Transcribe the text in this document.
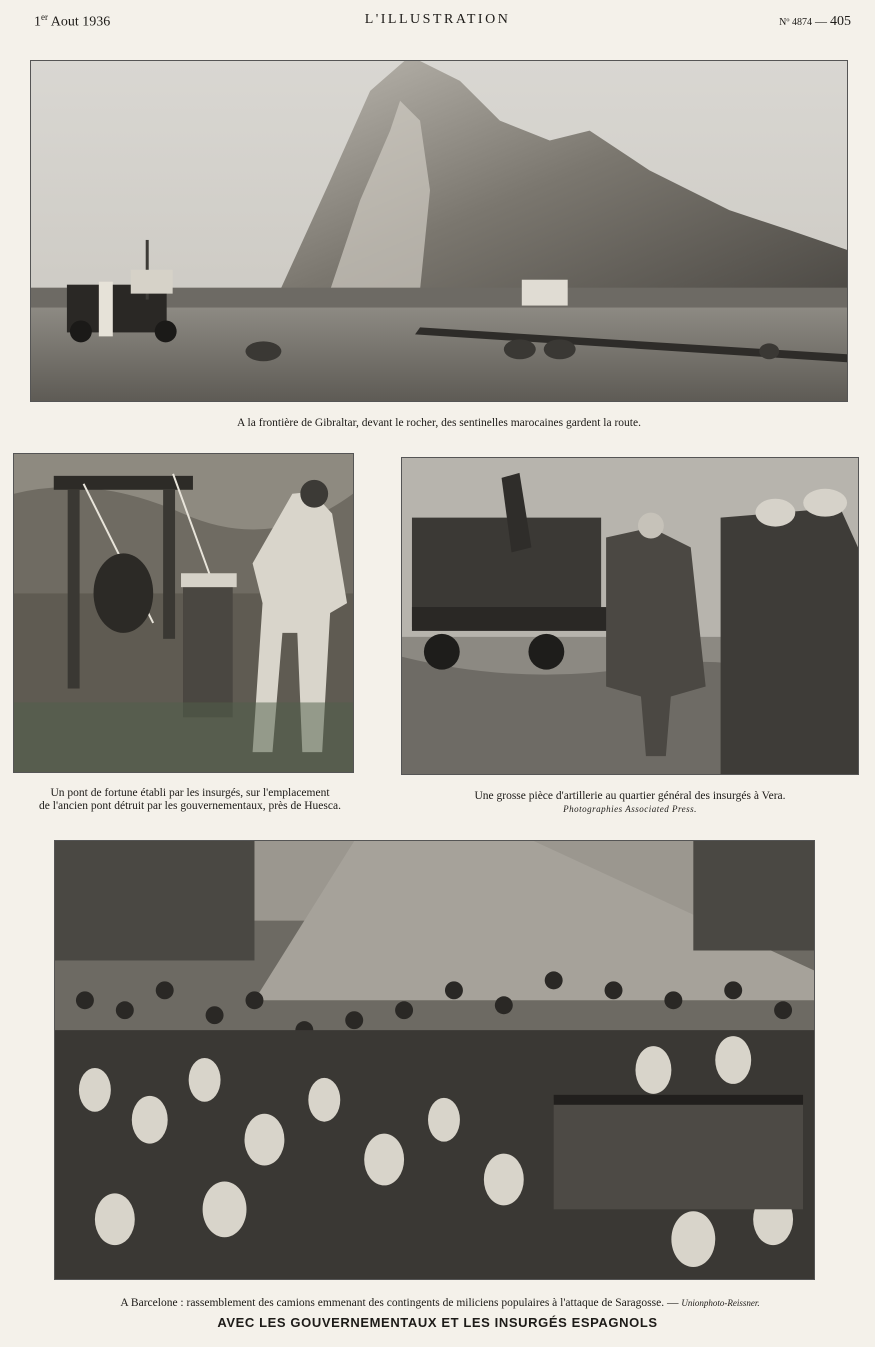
1er Aout 1936	L'ILLUSTRATION	Nº 4874 — 405
A la frontière de Gibraltar, devant le rocher, des sentinelles marocaines gardent la route.
Un pont de fortune établi par les insurgés, sur l'emplacement
de l'ancien pont détruit par les gouvernementaux, près de Huesca.
Une grosse pièce d'artillerie au quartier général des insurgés à Vera.
Photographies Associated Press.
A Barcelone : rassemblement des camions emmenant des contingents de miliciens populaires à l'attaque de Saragosse. — Unionphoto-Reissner.
AVEC LES GOUVERNEMENTAUX ET LES INSURGÉS ESPAGNOLS
